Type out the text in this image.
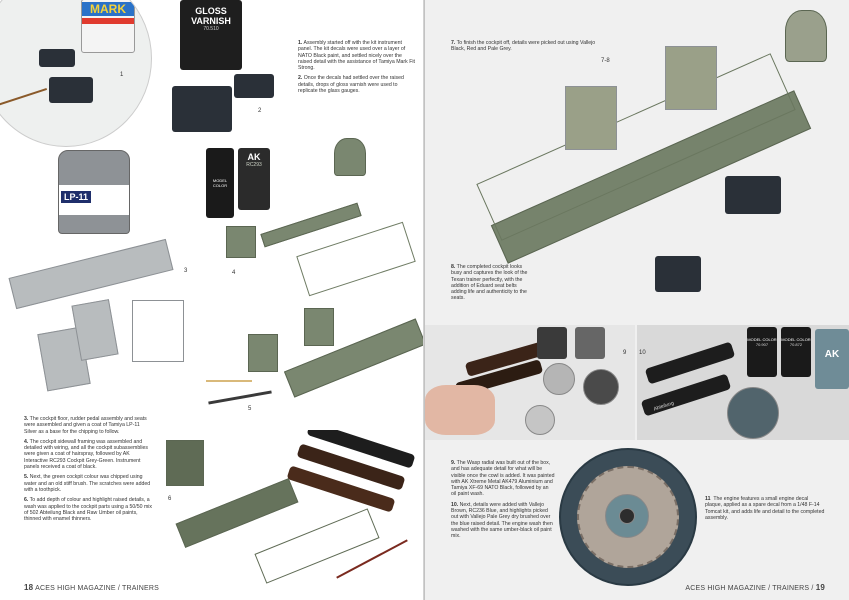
MARK
1
GLOSS VARNISH
70.510
2

1. Assembly started off with the kit instrument panel. The kit decals were used over a layer of NATO Black paint, and settled nicely over the raised detail with the assistance of Tamiya Mark Fit Strong.

2. Once the decals had settled over the raised details, drops of gloss varnish were used to replicate the glass gauges.

LP-11
3
MODEL COLOR
AK
RC293
4
5

3. The cockpit floor, rudder pedal assembly and seats were assembled and given a coat of Tamiya LP-11 Silver as a base for the chipping to follow.

4. The cockpit sidewall framing was assembled and detailed with wiring, and all the cockpit subassemblies were given a coat of hairspray, followed by AK Interactive RC293 Cockpit Grey-Green. Instrument panels received a coat of black.

5. Next, the green cockpit colour was chipped using water and an old stiff brush. The scratches were added with a toothpick.

6. To add depth of colour and highlight raised details, a wash was applied to the cockpit parts using a 50/50 mix of 502 Abteilung Black and Raw Umber oil paints, thinned with enamel thinners.

6
18 ACES HIGH MAGAZINE / TRAINERS

7. To finish the cockpit off, details were picked out using Vallejo Black, Red and Pale Grey.

7-8

8. The completed cockpit looks busy and captures the look of the Texan trainer perfectly, with the addition of Eduard seat belts adding life and authenticity to the seats.

9
Abteilung
MODEL COLOR
70.907
MODEL COLOR
70.872
AK
10

9. The Wasp radial was built out of the box, and has adequate detail for what will be visible once the cowl is added. It was painted with AK Xtreme Metal AK479 Aluminium and Tamiya XF-69 NATO Black, followed by an oil paint wash.

10. Next, details were added with Vallejo Brown, RC236 Blue, and highlights picked out with Vallejo Pale Grey dry brushed over the blue raised detail. The engine wash then washed with the same umber-black oil paint mix.

11 The engine features a small engine decal plaque, applied as a spare decal from a 1/48 F-14 Tomcat kit, and adds life and detail to the completed assembly.

ACES HIGH MAGAZINE / TRAINERS / 19
